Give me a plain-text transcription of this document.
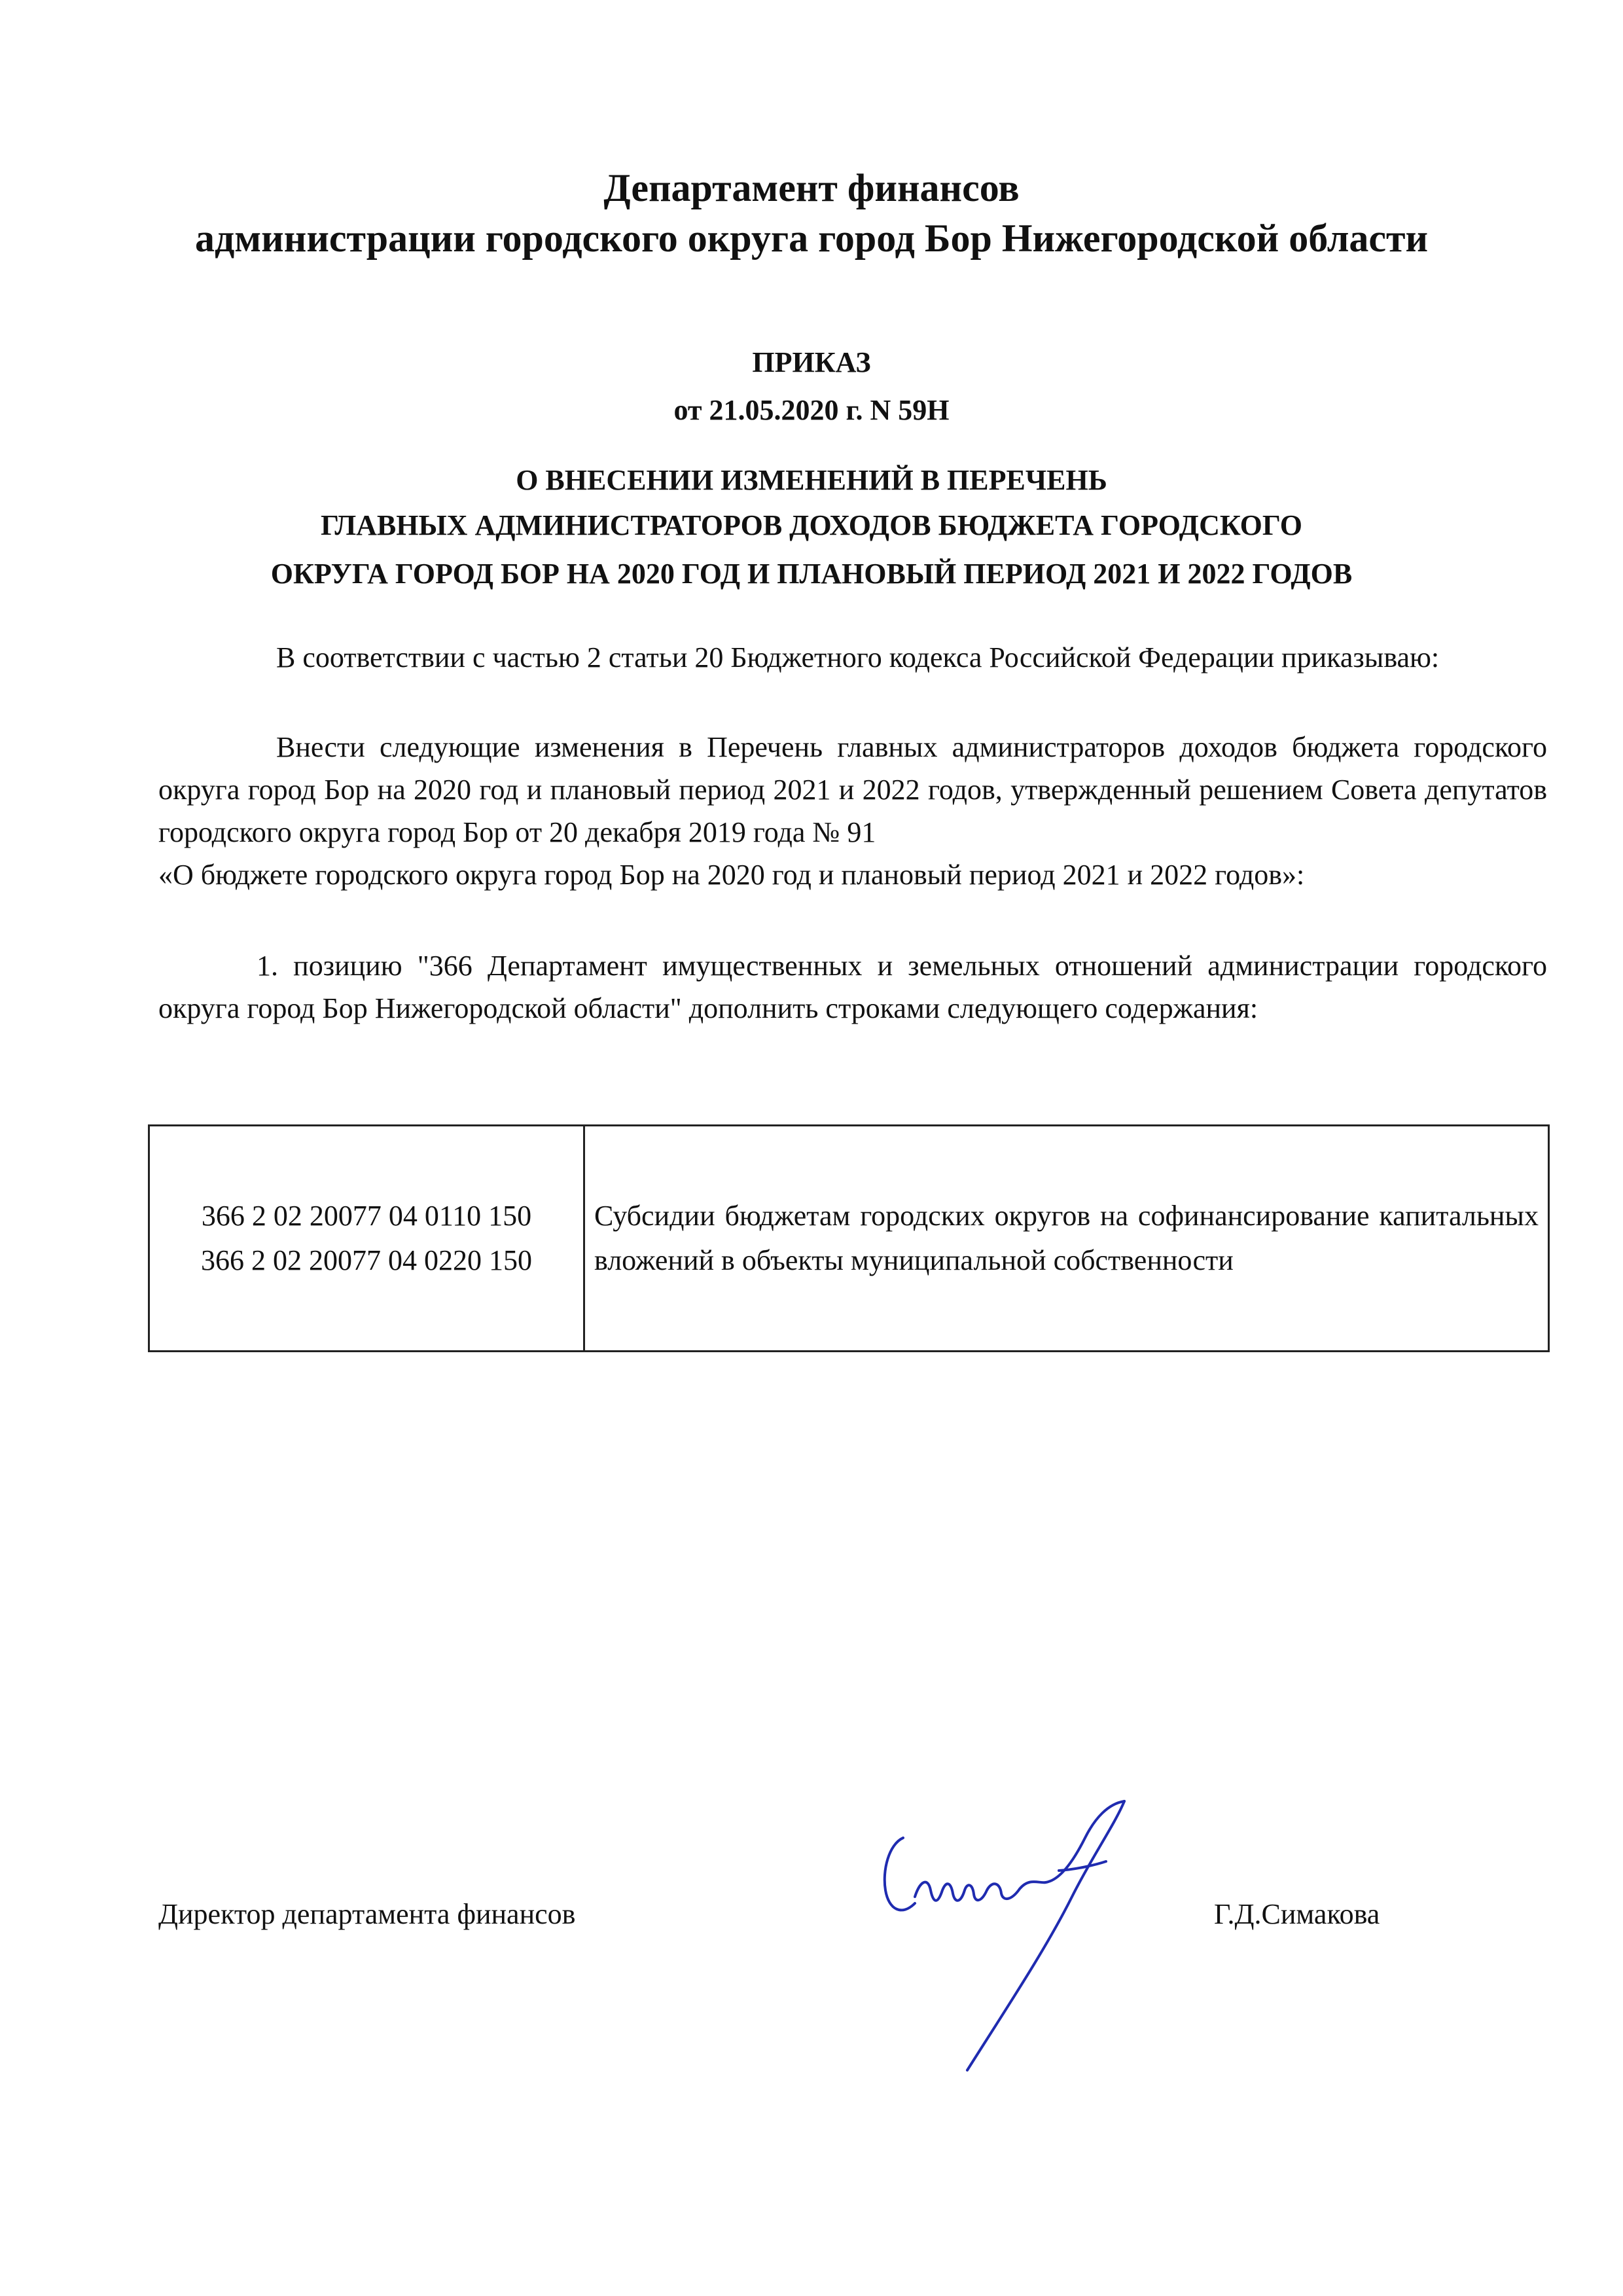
Департамент финансов
администрации городского округа город Бор Нижегородской области
ПРИКАЗ
от 21.05.2020 г. N 59Н
О ВНЕСЕНИИ ИЗМЕНЕНИЙ В ПЕРЕЧЕНЬ
ГЛАВНЫХ АДМИНИСТРАТОРОВ ДОХОДОВ БЮДЖЕТА ГОРОДСКОГО
ОКРУГА ГОРОД БОР НА 2020 ГОД И ПЛАНОВЫЙ ПЕРИОД 2021 И 2022 ГОДОВ

В соответствии с частью 2 статьи 20 Бюджетного кодекса Российской Федерации приказываю:

Внести следующие изменения в Перечень главных администраторов доходов бюджета городского округа город Бор на 2020 год и плановый период 2021 и 2022 годов, утвержденный решением Совета депутатов городского округа город Бор от 20 декабря 2019 года № 91

«О бюджете городского округа город Бор на 2020 год и плановый период 2021 и 2022 годов»:

1. позицию "366 Департамент имущественных и земельных отношений администрации городского округа город Бор Нижегородской области" дополнить строками следующего содержания:

366 2 02 20077 04 0110 150
366 2 02 20077 04 0220 150
	Субсидии бюджетам городских округов на софинансирование капитальных вложений в объекты муниципальной собственности
Директор департамента финансов	Г.Д.Симакова
